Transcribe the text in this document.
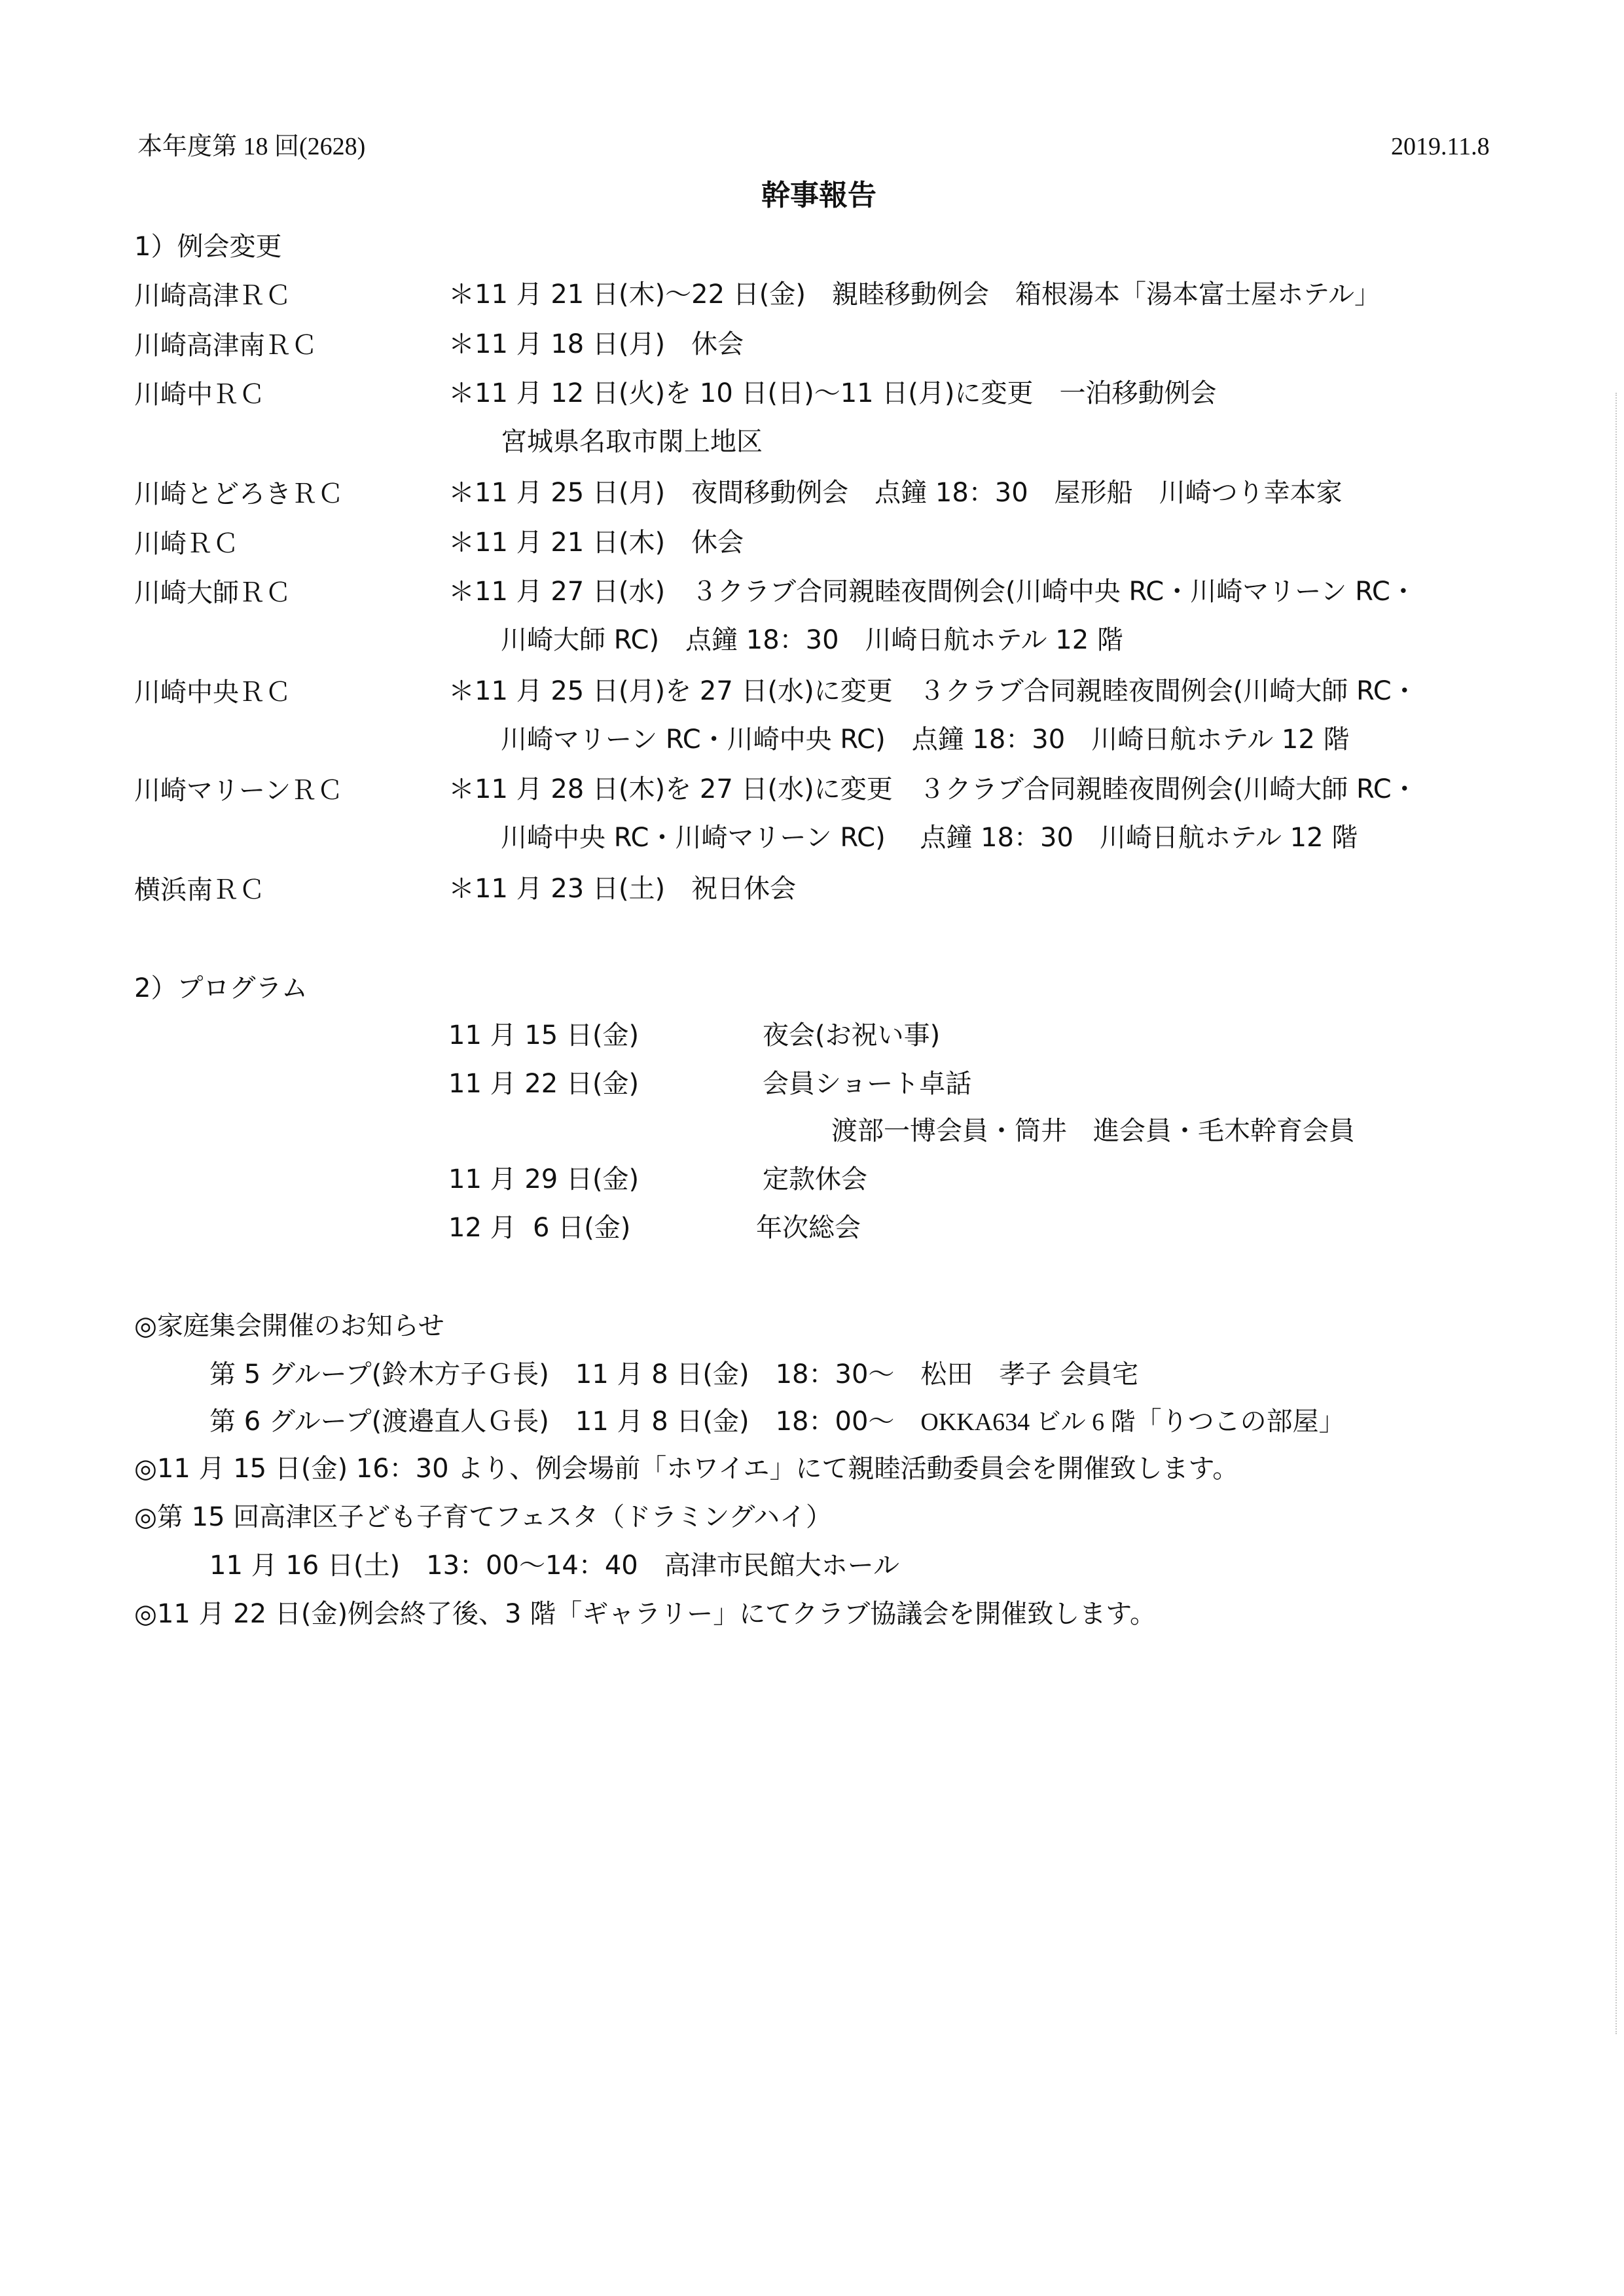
本年度第 18 回(2628)	2019.11.8
幹事報告
1）例会変更
川崎高津ＲＣ	＊11 月 21 日(木)～22 日(金)　親睦移動例会　箱根湯本「湯本富士屋ホテル」
川崎高津南ＲＣ	＊11 月 18 日(月)　休会
川崎中ＲＣ	＊11 月 12 日(火)を 10 日(日)～11 日(月)に変更　一泊移動例会
宮城県名取市閖上地区
川崎とどろきＲＣ	＊11 月 25 日(月)　夜間移動例会　点鐘 18：30　屋形船　川崎つり幸本家
川崎ＲＣ	＊11 月 21 日(木)　休会
川崎大師ＲＣ	＊11 月 27 日(水)　３クラブ合同親睦夜間例会(川崎中央 RC・川崎マリーン RC・
川崎大師 RC)　点鐘 18：30　川崎日航ホテル 12 階
川崎中央ＲＣ	＊11 月 25 日(月)を 27 日(水)に変更　３クラブ合同親睦夜間例会(川崎大師 RC・
川崎マリーン RC・川崎中央 RC)　点鐘 18：30　川崎日航ホテル 12 階
川崎マリーンＲＣ	＊11 月 28 日(木)を 27 日(水)に変更　３クラブ合同親睦夜間例会(川崎大師 RC・
川崎中央 RC・川崎マリーン RC)　 点鐘 18：30　川崎日航ホテル 12 階
横浜南ＲＣ	＊11 月 23 日(土)　祝日休会
2）プログラム
11 月 15 日(金)	夜会(お祝い事)
11 月 22 日(金)	会員ショート卓話
渡部一博会員・筒井　進会員・毛木幹育会員
11 月 29 日(金)	定款休会
12 月  6 日(金)	年次総会
◎家庭集会開催のお知らせ
第 5 グループ(鈴木方子Ｇ長)　11 月 8 日(金)　18：30～　松田　孝子 会員宅
第 6 グループ(渡邉直人Ｇ長)　11 月 8 日(金)　18：00～　OKKA634 ビル 6 階「りつこの部屋」
◎11 月 15 日(金) 16：30 より、例会場前「ホワイエ」にて親睦活動委員会を開催致します。
◎第 15 回高津区子ども子育てフェスタ（ドラミングハイ）
11 月 16 日(土)　13：00～14：40　高津市民館大ホール
◎11 月 22 日(金)例会終了後、3 階「ギャラリー」にてクラブ協議会を開催致します。
